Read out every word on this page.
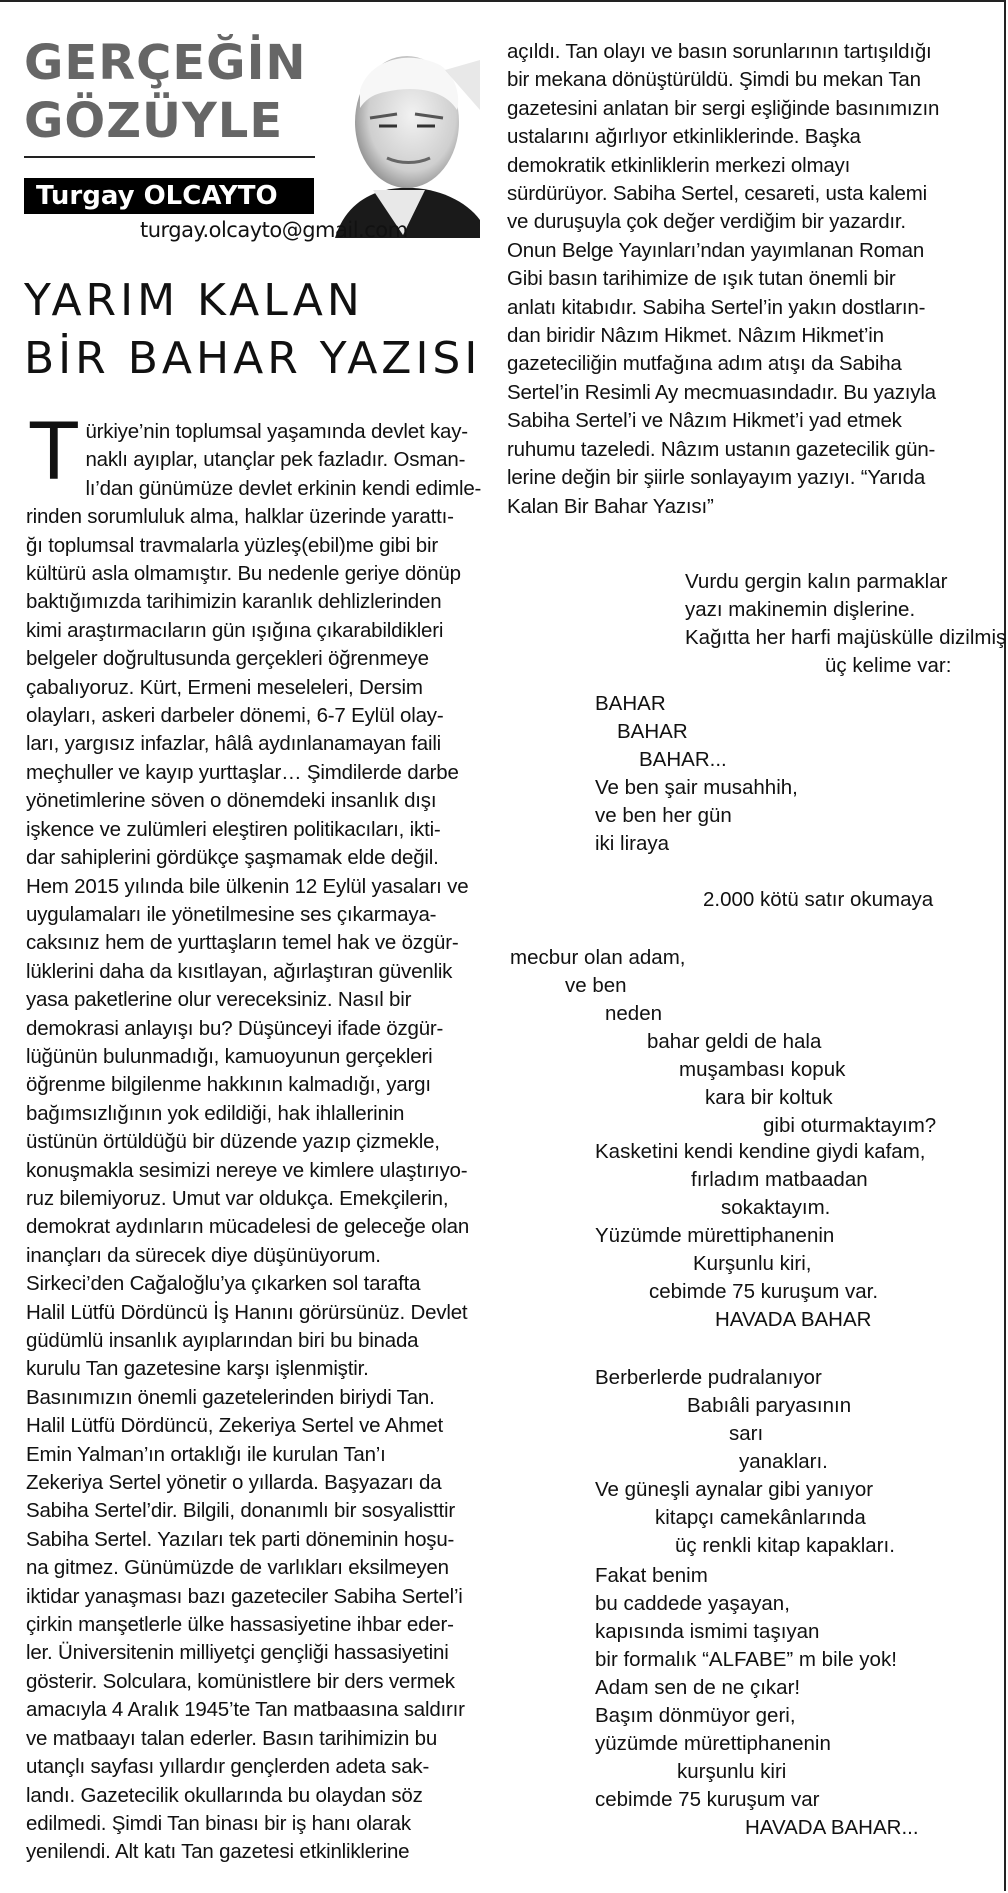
GERÇEĞİN
GÖZÜYLE
Turgay OLCAYTO
turgay.olcayto@gmail.com
YARIM KALAN
BİR BAHAR YAZISI
T ürkiye’nin toplumsal yaşamında devlet kay-
naklı ayıplar, utançlar pek fazladır. Osman-
lı’dan günümüze devlet erkinin kendi edimle-
rinden sorumluluk alma, halklar üzerinde yarattı-
ğı toplumsal travmalarla yüzleş(ebil)me gibi bir
kültürü asla olmamıştır. Bu nedenle geriye dönüp
baktığımızda tarihimizin karanlık dehlizlerinden
kimi araştırmacıların gün ışığına çıkarabildikleri
belgeler doğrultusunda gerçekleri öğrenmeye
çabalıyoruz. Kürt, Ermeni meseleleri, Dersim
olayları, askeri darbeler dönemi, 6-7 Eylül olay-
ları, yargısız infazlar, hâlâ aydınlanamayan faili
meçhuller ve kayıp yurttaşlar… Şimdilerde darbe
yönetimlerine söven o dönemdeki insanlık dışı
işkence ve zulümleri eleştiren politikacıları, ikti-
dar sahiplerini gördükçe şaşmamak elde değil.
Hem 2015 yılında bile ülkenin 12 Eylül yasaları ve
uygulamaları ile yönetilmesine ses çıkarmaya-
caksınız hem de yurttaşların temel hak ve özgür-
lüklerini daha da kısıtlayan, ağırlaştıran güvenlik
yasa paketlerine olur vereceksiniz. Nasıl bir
demokrasi anlayışı bu? Düşünceyi ifade özgür-
lüğünün bulunmadığı, kamuoyunun gerçekleri
öğrenme bilgilenme hakkının kalmadığı, yargı
bağımsızlığının yok edildiği, hak ihlallerinin
üstünün örtüldüğü bir düzende yazıp çizmekle,
konuşmakla sesimizi nereye ve kimlere ulaştırıyo-
ruz bilemiyoruz. Umut var oldukça. Emekçilerin,
demokrat aydınların mücadelesi de geleceğe olan
inançları da sürecek diye düşünüyorum.
Sirkeci’den Cağaloğlu’ya çıkarken sol tarafta
Halil Lütfü Dördüncü İş Hanını görürsünüz. Devlet
güdümlü insanlık ayıplarından biri bu binada
kurulu Tan gazetesine karşı işlenmiştir.
Basınımızın önemli gazetelerinden biriydi Tan.
Halil Lütfü Dördüncü, Zekeriya Sertel ve Ahmet
Emin Yalman’ın ortaklığı ile kurulan Tan’ı
Zekeriya Sertel yönetir o yıllarda. Başyazarı da
Sabiha Sertel’dir. Bilgili, donanımlı bir sosyalisttir
Sabiha Sertel. Yazıları tek parti döneminin hoşu-
na gitmez. Günümüzde de varlıkları eksilmeyen
iktidar yanaşması bazı gazeteciler Sabiha Sertel’i
çirkin manşetlerle ülke hassasiyetine ihbar eder-
ler. Üniversitenin milliyetçi gençliği hassasiyetini
gösterir. Solculara, komünistlere bir ders vermek
amacıyla 4 Aralık 1945’te Tan matbaasına saldırır
ve matbaayı talan ederler. Basın tarihimizin bu
utançlı sayfası yıllardır gençlerden adeta sak-
landı. Gazetecilik okullarında bu olaydan söz
edilmedi. Şimdi Tan binası bir iş hanı olarak
yenilendi. Alt katı Tan gazetesi etkinliklerine
açıldı. Tan olayı ve basın sorunlarının tartışıldığı
bir mekana dönüştürüldü. Şimdi bu mekan Tan
gazetesini anlatan bir sergi eşliğinde basınımızın
ustalarını ağırlıyor etkinliklerinde. Başka
demokratik etkinliklerin merkezi olmayı
sürdürüyor. Sabiha Sertel, cesareti, usta kalemi
ve duruşuyla çok değer verdiğim bir yazardır.
Onun Belge Yayınları’ndan yayımlanan Roman
Gibi basın tarihimize de ışık tutan önemli bir
anlatı kitabıdır. Sabiha Sertel’in yakın dostların-
dan biridir Nâzım Hikmet. Nâzım Hikmet’in
gazeteciliğin mutfağına adım atışı da Sabiha
Sertel’in Resimli Ay mecmuasındadır. Bu yazıyla
Sabiha Sertel’i ve Nâzım Hikmet’i yad etmek
ruhumu tazeledi. Nâzım ustanın gazetecilik gün-
lerine değin bir şiirle sonlayayım yazıyı. “Yarıda
Kalan Bir Bahar Yazısı”
Vurdu gergin kalın parmaklar
yazı makinemin dişlerine.
Kağıtta her harfi majüskülle dizilmiş
üç kelime var:
BAHAR
BAHAR
BAHAR...
Ve ben şair musahhih,
ve ben her gün
iki liraya
2.000 kötü satır okumaya
mecbur olan adam,
ve ben
neden
bahar geldi de hala
muşambası kopuk
kara bir koltuk
gibi oturmaktayım?
Kasketini kendi kendine giydi kafam,
fırladım matbaadan
sokaktayım.
Yüzümde mürettiphanenin
Kurşunlu kiri,
cebimde 75 kuruşum var.
HAVADA BAHAR
Berberlerde pudralanıyor
Babıâli paryasının
sarı
yanakları.
Ve güneşli aynalar gibi yanıyor
kitapçı camekânlarında
üç renkli kitap kapakları.
Fakat benim
bu caddede yaşayan,
kapısında ismimi taşıyan
bir formalık “ALFABE” m bile yok!
Adam sen de ne çıkar!
Başım dönmüyor geri,
yüzümde mürettiphanenin
kurşunlu kiri
cebimde 75 kuruşum var
HAVADA BAHAR...
